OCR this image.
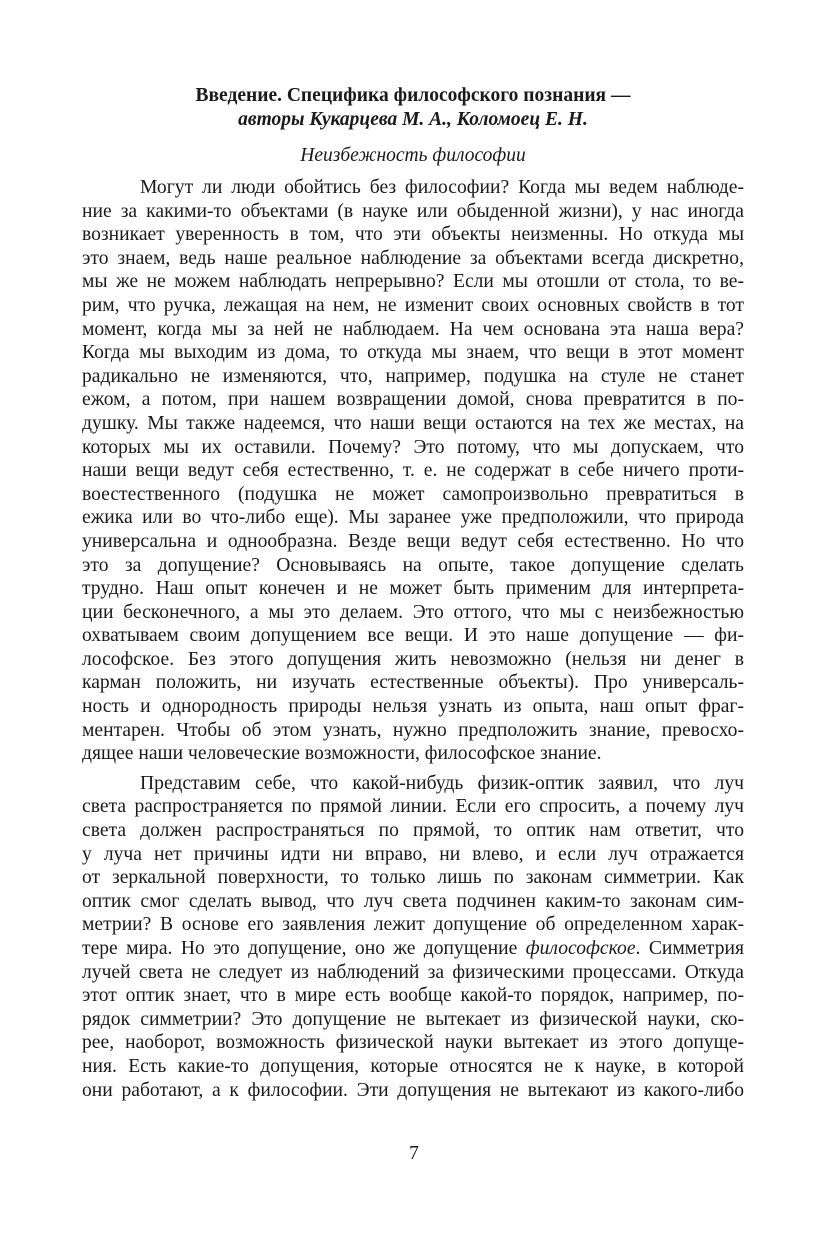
Введение. Специфика философского познания —
авторы Кукарцева М. А., Коломоец Е. Н.
Неизбежность философии
Могут ли люди обойтись без философии? Когда мы ведем наблюде-
ние за какими-то объектами (в науке или обыденной жизни), у нас иногда
возникает уверенность в том, что эти объекты неизменны. Но откуда мы
это знаем, ведь наше реальное наблюдение за объектами всегда дискретно,
мы же не можем наблюдать непрерывно? Если мы отошли от стола, то ве-
рим, что ручка, лежащая на нем, не изменит своих основных свойств в тот
момент, когда мы за ней не наблюдаем. На чем основана эта наша вера?
Когда мы выходим из дома, то откуда мы знаем, что вещи в этот момент
радикально не изменяются, что, например, подушка на стуле не станет
ежом, а потом, при нашем возвращении домой, снова превратится в по-
душку. Мы также надеемся, что наши вещи остаются на тех же местах, на
которых мы их оставили. Почему? Это потому, что мы допускаем, что
наши вещи ведут себя естественно, т. е. не содержат в себе ничего проти-
воестественного (подушка не может самопроизвольно превратиться в
ежика или во что-либо еще). Мы заранее уже предположили, что природа
универсальна и однообразна. Везде вещи ведут себя естественно. Но что
это за допущение? Основываясь на опыте, такое допущение сделать
трудно. Наш опыт конечен и не может быть применим для интерпрета-
ции бесконечного, а мы это делаем. Это оттого, что мы с неизбежностью
охватываем своим допущением все вещи. И это наше допущение — фи-
лософское. Без этого допущения жить невозможно (нельзя ни денег в
карман положить, ни изучать естественные объекты). Про универсаль-
ность и однородность природы нельзя узнать из опыта, наш опыт фраг-
ментарен. Чтобы об этом узнать, нужно предположить знание, превосхо-
дящее наши человеческие возможности, философское знание.
Представим себе, что какой-нибудь физик-оптик заявил, что луч
света распространяется по прямой линии. Если его спросить, а почему луч
света должен распространяться по прямой, то оптик нам ответит, что
у луча нет причины идти ни вправо, ни влево, и если луч отражается
от зеркальной поверхности, то только лишь по законам симметрии. Как
оптик смог сделать вывод, что луч света подчинен каким-то законам сим-
метрии? В основе его заявления лежит допущение об определенном харак-
тере мира. Но это допущение, оно же допущение философское. Симметрия
лучей света не следует из наблюдений за физическими процессами. Откуда
этот оптик знает, что в мире есть вообще какой-то порядок, например, по-
рядок симметрии? Это допущение не вытекает из физической науки, ско-
рее, наоборот, возможность физической науки вытекает из этого допуще-
ния. Есть какие-то допущения, которые относятся не к науке, в которой
они работают, а к философии. Эти допущения не вытекают из какого-либо
7
